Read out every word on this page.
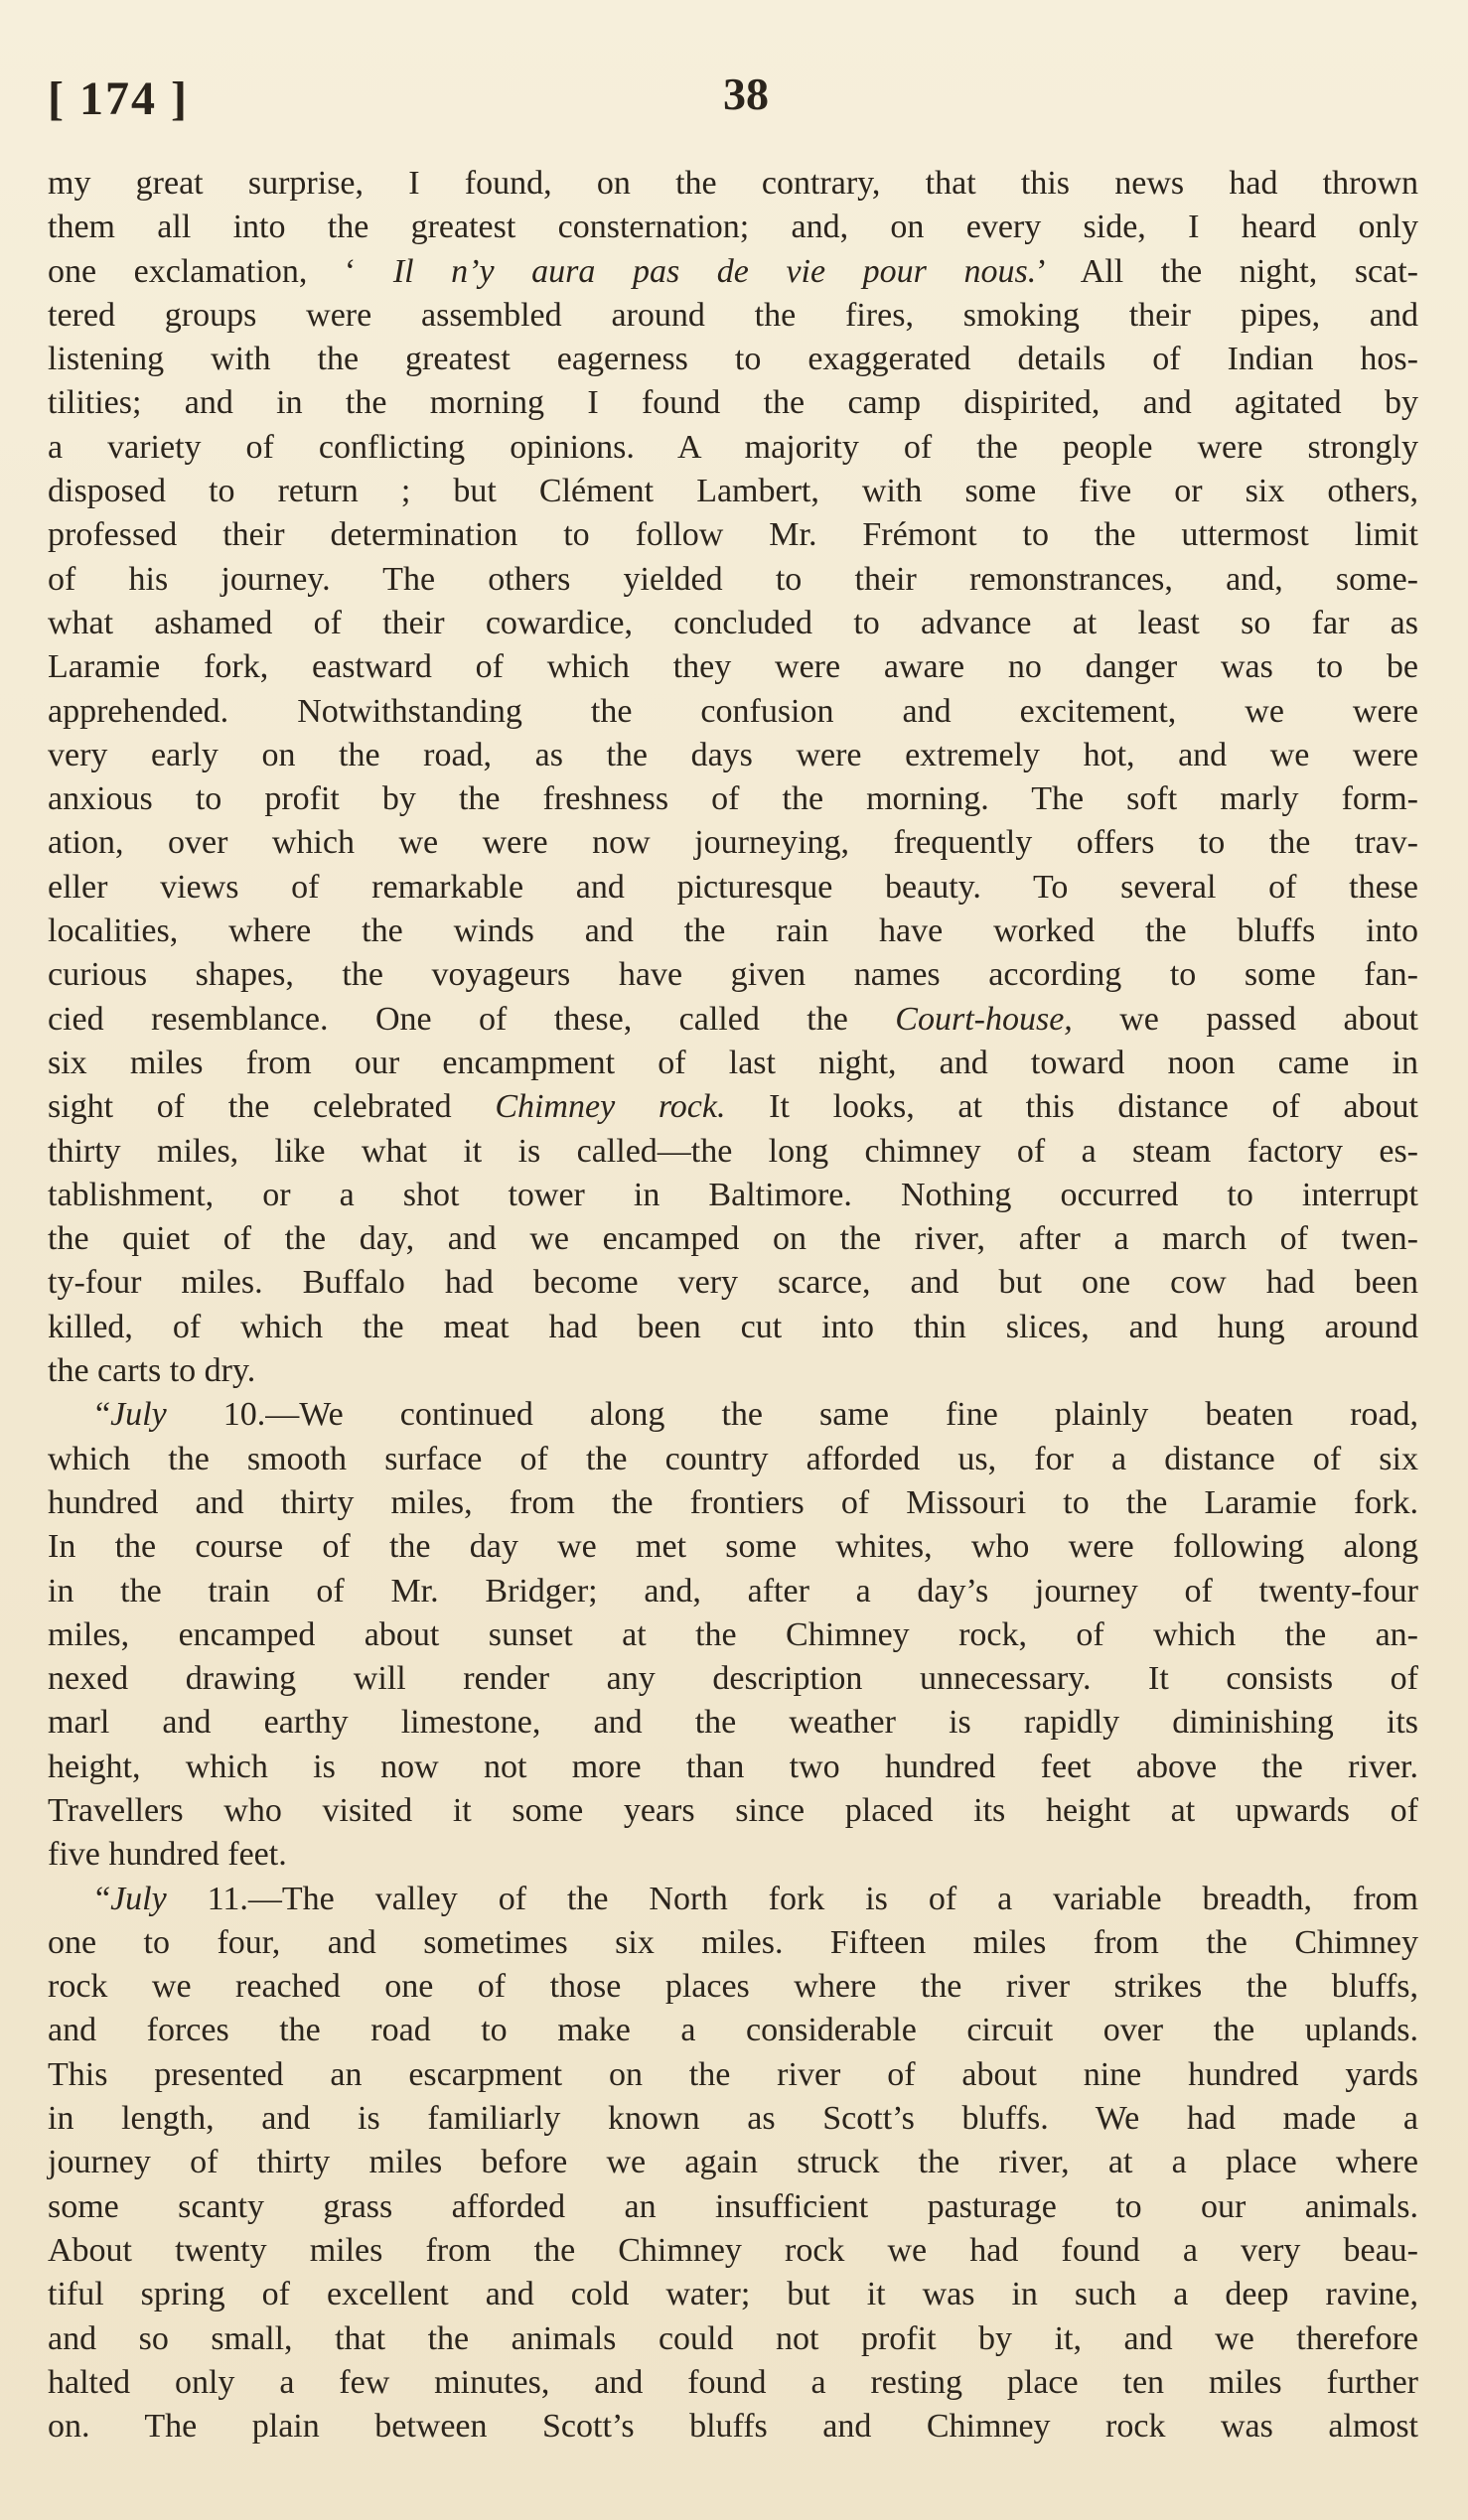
[ 174 ]	38
my great surprise, I found, on the contrary, that this news had thrown
them all into the greatest consternation; and, on every side, I heard only
one exclamation, ‘ Il n’y aura pas de vie pour nous.’ All the night, scat-
tered groups were assembled around the fires, smoking their pipes, and
listening with the greatest eagerness to exaggerated details of Indian hos-
tilities; and in the morning I found the camp dispirited, and agitated by
a variety of conflicting opinions. A majority of the people were strongly
disposed to return ; but Clément Lambert, with some five or six others,
professed their determination to follow Mr. Frémont to the uttermost limit
of his journey. The others yielded to their remonstrances, and, some-
what ashamed of their cowardice, concluded to advance at least so far as
Laramie fork, eastward of which they were aware no danger was to be
apprehended. Notwithstanding the confusion and excitement, we were
very early on the road, as the days were extremely hot, and we were
anxious to profit by the freshness of the morning. The soft marly form-
ation, over which we were now journeying, frequently offers to the trav-
eller views of remarkable and picturesque beauty. To several of these
localities, where the winds and the rain have worked the bluffs into
curious shapes, the voyageurs have given names according to some fan-
cied resemblance. One of these, called the Court-house, we passed about
six miles from our encampment of last night, and toward noon came in
sight of the celebrated Chimney rock. It looks, at this distance of about
thirty miles, like what it is called—the long chimney of a steam factory es-
tablishment, or a shot tower in Baltimore. Nothing occurred to interrupt
the quiet of the day, and we encamped on the river, after a march of twen-
ty-four miles. Buffalo had become very scarce, and but one cow had been
killed, of which the meat had been cut into thin slices, and hung around
the carts to dry.
“July 10.—We continued along the same fine plainly beaten road,
which the smooth surface of the country afforded us, for a distance of six
hundred and thirty miles, from the frontiers of Missouri to the Laramie fork.
In the course of the day we met some whites, who were following along
in the train of Mr. Bridger; and, after a day’s journey of twenty-four
miles, encamped about sunset at the Chimney rock, of which the an-
nexed drawing will render any description unnecessary. It consists of
marl and earthy limestone, and the weather is rapidly diminishing its
height, which is now not more than two hundred feet above the river.
Travellers who visited it some years since placed its height at upwards of
five hundred feet.
“July 11.—The valley of the North fork is of a variable breadth, from
one to four, and sometimes six miles. Fifteen miles from the Chimney
rock we reached one of those places where the river strikes the bluffs,
and forces the road to make a considerable circuit over the uplands.
This presented an escarpment on the river of about nine hundred yards
in length, and is familiarly known as Scott’s bluffs. We had made a
journey of thirty miles before we again struck the river, at a place where
some scanty grass afforded an insufficient pasturage to our animals.
About twenty miles from the Chimney rock we had found a very beau-
tiful spring of excellent and cold water; but it was in such a deep ravine,
and so small, that the animals could not profit by it, and we therefore
halted only a few minutes, and found a resting place ten miles further
on. The plain between Scott’s bluffs and Chimney rock was almost
